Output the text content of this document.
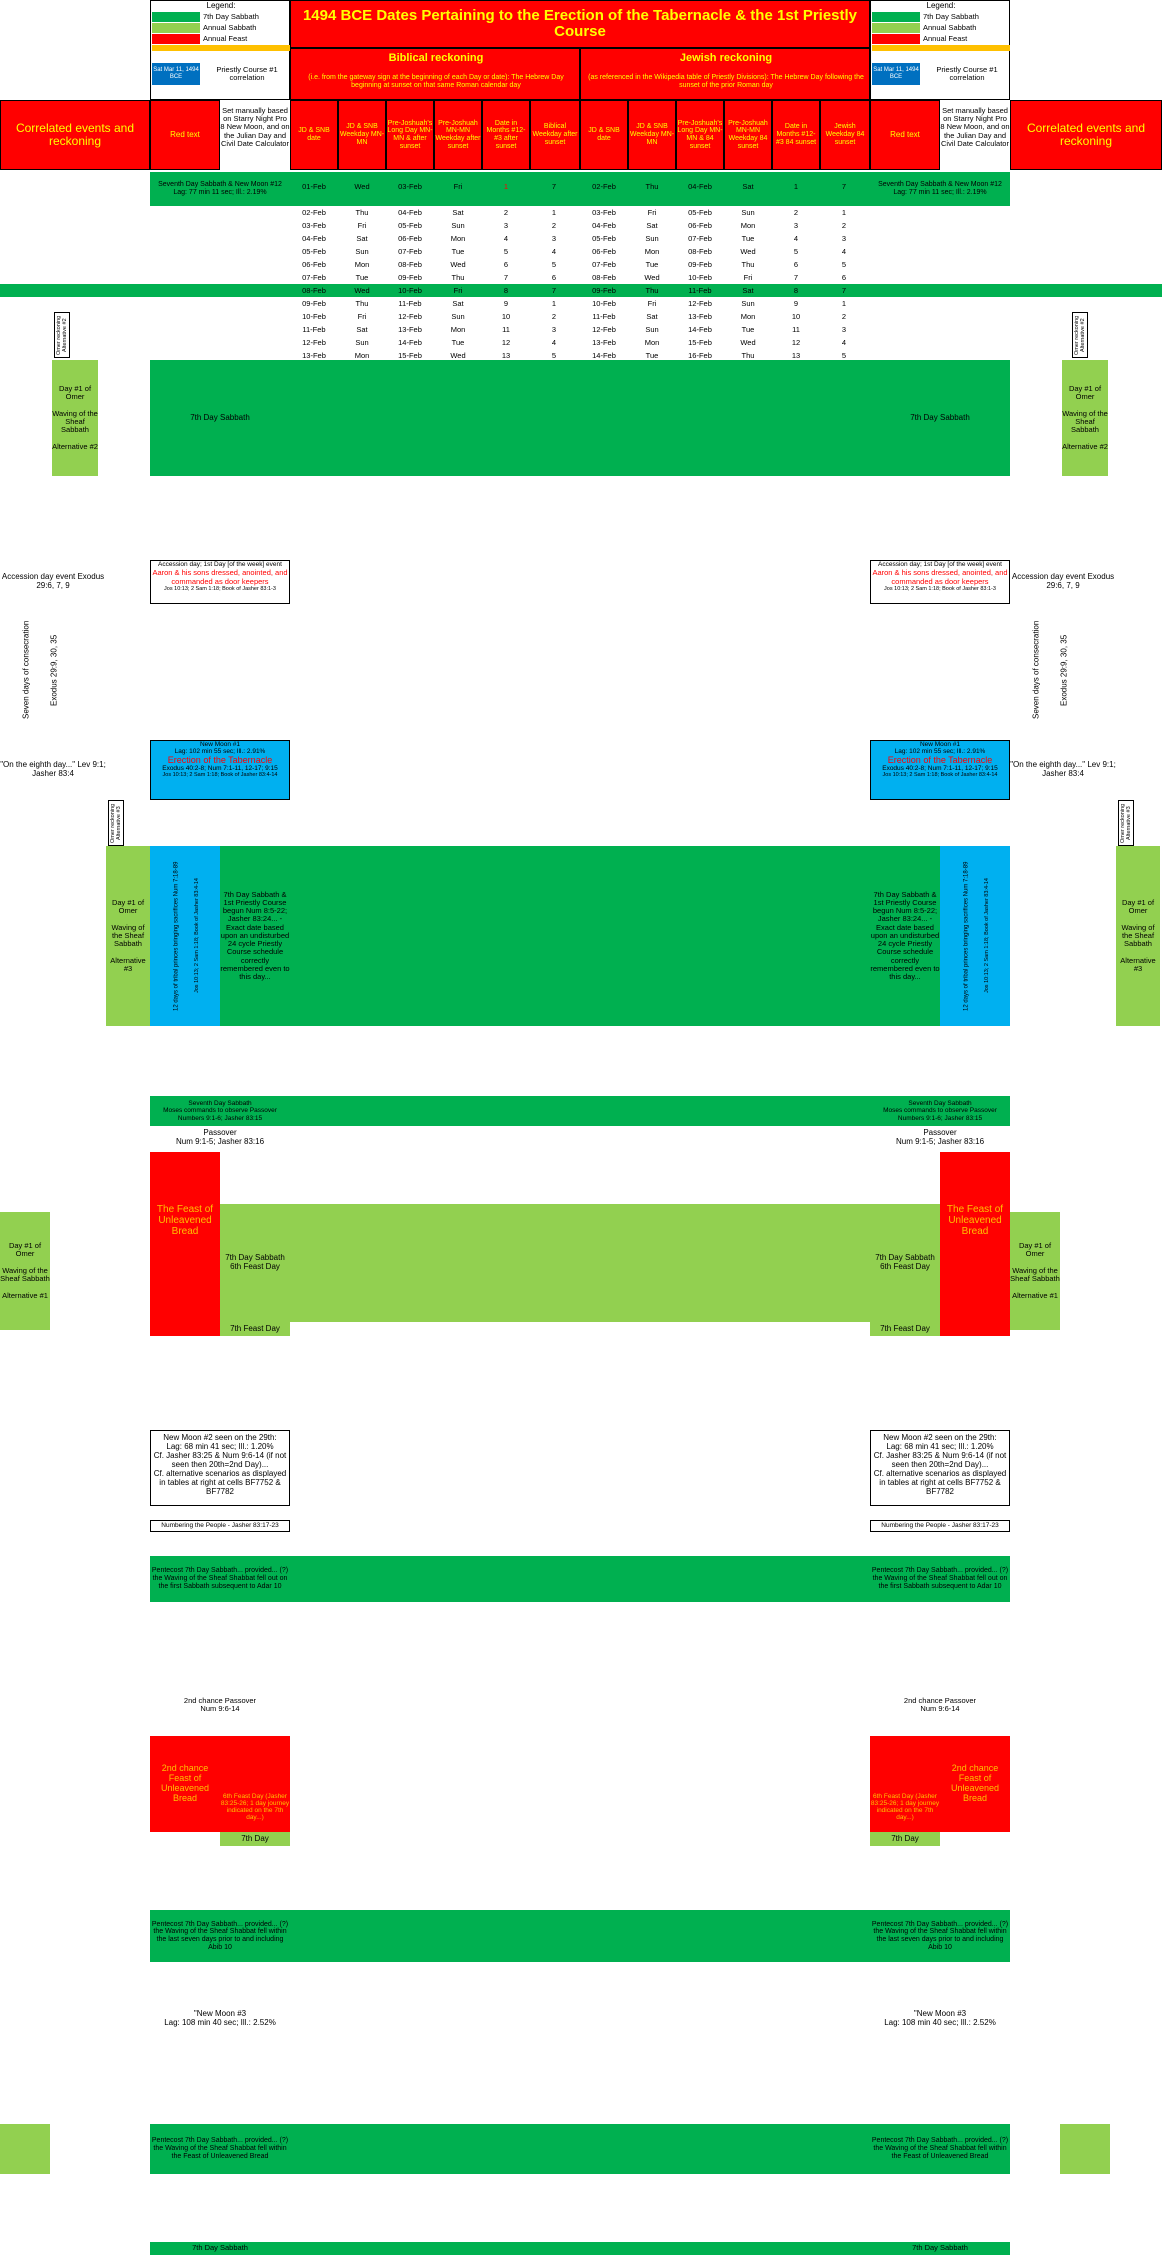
Legend:
7th Day Sabbath
Annual Sabbath
Annual Feast
Sat Mar 11, 1494 BCE
Priestly Course #1 correlation
Legend:
7th Day Sabbath
Annual Sabbath
Annual Feast
Sat Mar 11, 1494 BCE
Priestly Course #1 correlation
1494 BCE Dates Pertaining to the Erection of the Tabernacle & the 1st Priestly Course
Biblical reckoning
(i.e. from the gateway sign at the beginning of each Day or date): The Hebrew Day beginning at sunset on that same Roman calendar day
Jewish reckoning
(as referenced in the Wikipedia table of Priestly Divisions): The Hebrew Day following the sunset of the prior Roman day
Set manually based on Starry Night Pro 8 New Moon, and on the Julian Day and Civil Date Calculator
Set manually based on Starry Night Pro 8 New Moon, and on the Julian Day and Civil Date Calculator
Correlated events and reckoning
Correlated events and reckoning
Red text	Red text
JD & SNB date
JD & SNB Weekday MN-MN
Pre-Joshuah's Long Day MN-MN & after sunset
Pre-Joshuah MN-MN Weekday after sunset
Date in Months #12-#3 after sunset
Biblical Weekday after sunset
JD & SNB date
JD & SNB Weekday MN-MN
Pre-Joshuah's Long Day MN-MN & 84 sunset
Pre-Joshuah MN-MN Weekday 84 sunset
Date in Months #12-#3 84 sunset
Jewish Weekday 84 sunset
Seventh Day Sabbath & New Moon #12
Lag: 77 min 11 sec; Ill.: 2.19%
Seventh Day Sabbath & New Moon #12
Lag: 77 min 11 sec; Ill.: 2.19%
01-Feb	Wed	03-Feb	Fri	1	7	02-Feb	Thu	04-Feb	Sat	1	7
02-Feb	Thu	04-Feb	Sat	2	1	03-Feb	Fri	05-Feb	Sun	2	1
03-Feb	Fri	05-Feb	Sun	3	2	04-Feb	Sat	06-Feb	Mon	3	2
04-Feb	Sat	06-Feb	Mon	4	3	05-Feb	Sun	07-Feb	Tue	4	3
05-Feb	Sun	07-Feb	Tue	5	4	06-Feb	Mon	08-Feb	Wed	5	4
06-Feb	Mon	08-Feb	Wed	6	5	07-Feb	Tue	09-Feb	Thu	6	5
07-Feb	Tue	09-Feb	Thu	7	6	08-Feb	Wed	10-Feb	Fri	7	6
08-Feb	Wed	10-Feb	Fri	8	7	09-Feb	Thu	11-Feb	Sat	8	7
09-Feb	Thu	11-Feb	Sat	9	1	10-Feb	Fri	12-Feb	Sun	9	1
10-Feb	Fri	12-Feb	Sun	10	2	11-Feb	Sat	13-Feb	Mon	10	2
11-Feb	Sat	13-Feb	Mon	11	3	12-Feb	Sun	14-Feb	Tue	11	3
12-Feb	Sun	14-Feb	Tue	12	4	13-Feb	Mon	15-Feb	Wed	12	4
13-Feb	Mon	15-Feb	Wed	13	5	14-Feb	Tue	16-Feb	Thu	13	5
7th Day Sabbath	7th Day Sabbath
Day #1 of Omer

Waving of the Sheaf Sabbath

Alternative #2
Day #1 of Omer

Waving of the Sheaf Sabbath

Alternative #2
Omer reckoning Alternative #2	Omer reckoning Alternative #2
Accession day event Exodus 29:6, 7, 9
Accession day event Exodus 29:6, 7, 9
Accession day; 1st Day [of the week] event
Aaron & his sons dressed, anointed, and commanded as door keepers
Jos 10:13; 2 Sam 1:18; Book of Jasher 83:1-3
Accession day; 1st Day [of the week] event
Aaron & his sons dressed, anointed, and commanded as door keepers
Jos 10:13; 2 Sam 1:18; Book of Jasher 83:1-3
Seven days of consecration	Exodus 29:9, 30, 35	Seven days of consecration	Exodus 29:9, 30, 35
"On the eighth day..." Lev 9:1; Jasher 83:4
"On the eighth day..." Lev 9:1; Jasher 83:4
New Moon #1
Lag: 102 min 55 sec; Ill.: 2.91%
Erection of the Tabernacle
Exodus 40:2-8; Num 7:1-11, 12-17; 9:15
Jos 10:13; 2 Sam 1:18; Book of Jasher 83:4-14
New Moon #1
Lag: 102 min 55 sec; Ill.: 2.91%
Erection of the Tabernacle
Exodus 40:2-8; Num 7:1-11, 12-17; 9:15
Jos 10:13; 2 Sam 1:18; Book of Jasher 83:4-14
Omer reckoning Alternative #3	Omer reckoning Alternative #3
12 days of tribal princes bringing sacrifices Num 7:18-89	Jos 10:13; 2 Sam 1:18; Book of Jasher 83:4-14	7th Day Sabbath & 1st Priestly Course begun Num 8:5-22; Jasher 83:24... - Exact date based upon an undisturbed 24 cycle Priestly Course schedule correctly remembered even to this day...	12 days of tribal princes bringing sacrifices Num 7:18-89	Jos 10:13; 2 Sam 1:18; Book of Jasher 83:4-14
7th Day Sabbath & 1st Priestly Course begun Num 8:5-22; Jasher 83:24... - Exact date based upon an undisturbed 24 cycle Priestly Course schedule correctly remembered even to this day...
Day #1 of Omer

Waving of the Sheaf Sabbath

Alternative #3
Day #1 of Omer

Waving of the Sheaf Sabbath

Alternative #3
Seventh Day Sabbath
Moses commands to observe Passover
Numbers 9:1-6; Jasher 83:15
Seventh Day Sabbath
Moses commands to observe Passover
Numbers 9:1-6; Jasher 83:15
Passover
Num 9:1-5; Jasher 83:16
Passover
Num 9:1-5; Jasher 83:16
The Feast of Unleavened Bread
7th Day Sabbath 6th Feast Day
7th Day Sabbath 6th Feast Day
The Feast of Unleavened Bread
7th Feast Day	7th Feast Day
Day #1 of Omer

Waving of the Sheaf Sabbath

Alternative #1
Day #1 of Omer

Waving of the Sheaf Sabbath

Alternative #1
New Moon #2 seen on the 29th:
Lag: 68 min 41 sec; Ill.: 1.20%
Cf. Jasher 83:25 & Num 9:6-14 (if not seen then 20th=2nd Day)...
Cf. alternative scenarios as displayed in tables at right at cells BF7752 & BF7782
New Moon #2 seen on the 29th:
Lag: 68 min 41 sec; Ill.: 1.20%
Cf. Jasher 83:25 & Num 9:6-14 (if not seen then 20th=2nd Day)...
Cf. alternative scenarios as displayed in tables at right at cells BF7752 & BF7782
Numbering the People - Jasher 83:17-23	Numbering the People - Jasher 83:17-23
Pentecost 7th Day Sabbath... provided... (?) the Waving of the Sheaf Shabbat fell out on the first Sabbath subsequent to Adar 10
Pentecost 7th Day Sabbath... provided... (?) the Waving of the Sheaf Shabbat fell out on the first Sabbath subsequent to Adar 10
2nd chance Passover
Num 9:6-14
2nd chance Passover
Num 9:6-14
2nd chance Feast of Unleavened Bread	6th Feast Day (Jasher 83:25-26; 1 day journey indicated on the 7th day...)
2nd chance Feast of Unleavened Bread
6th Feast Day (Jasher 83:25-26; 1 day journey indicated on the 7th day...)
7th Day	7th Day
Pentecost 7th Day Sabbath... provided... (?) the Waving of the Sheaf Shabbat fell within the last seven days prior to and including Abib 10
Pentecost 7th Day Sabbath... provided... (?) the Waving of the Sheaf Shabbat fell within the last seven days prior to and including Abib 10
"New Moon #3
Lag: 108 min 40 sec; Ill.: 2.52%
"New Moon #3
Lag: 108 min 40 sec; Ill.: 2.52%
Pentecost 7th Day Sabbath... provided... (?) the Waving of the Sheaf Shabbat fell within the Feast of Unleavened Bread
Pentecost 7th Day Sabbath... provided... (?) the Waving of the Sheaf Shabbat fell within the Feast of Unleavened Bread
7th Day Sabbath	7th Day Sabbath
